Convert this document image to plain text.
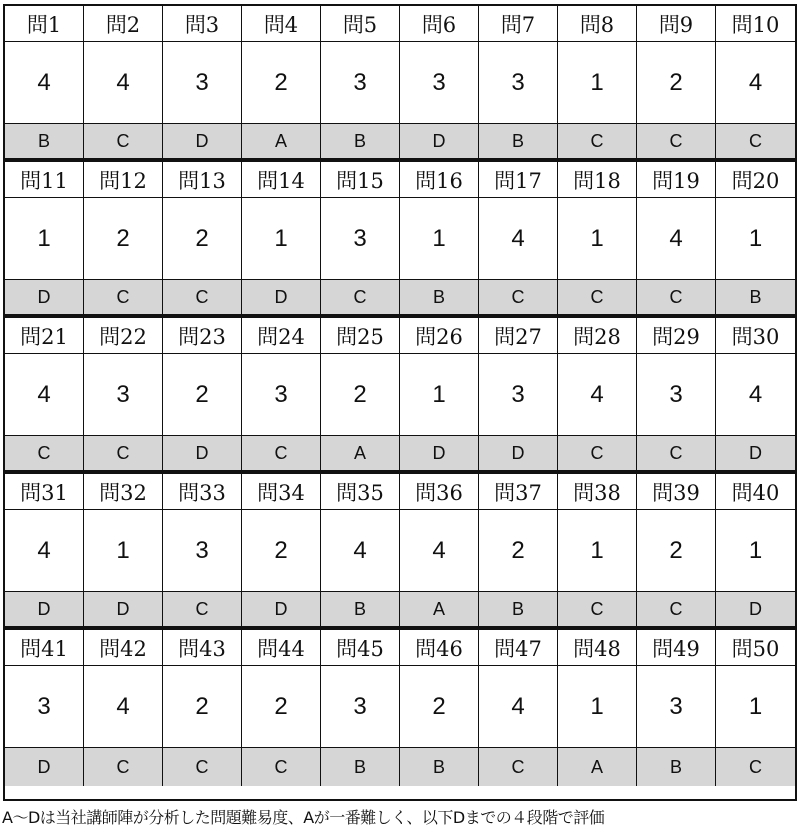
問1	問2	問3	問4	問5	問6	問7	問8	問9	問10
4	4	3	2	3	3	3	1	2	4
B	C	D	A	B	D	B	C	C	C
問11	問12	問13	問14	問15	問16	問17	問18	問19	問20
1	2	2	1	3	1	4	1	4	1
D	C	C	D	C	B	C	C	C	B
問21	問22	問23	問24	問25	問26	問27	問28	問29	問30
4	3	2	3	2	1	3	4	3	4
C	C	D	C	A	D	D	C	C	D
問31	問32	問33	問34	問35	問36	問37	問38	問39	問40
4	1	3	2	4	4	2	1	2	1
D	D	C	D	B	A	B	C	C	D
問41	問42	問43	問44	問45	問46	問47	問48	問49	問50
3	4	2	2	3	2	4	1	3	1
D	C	C	C	B	B	C	A	B	C
A～Dは当社講師陣が分析した問題難易度、Aが一番難しく、以下Dまでの４段階で評価
